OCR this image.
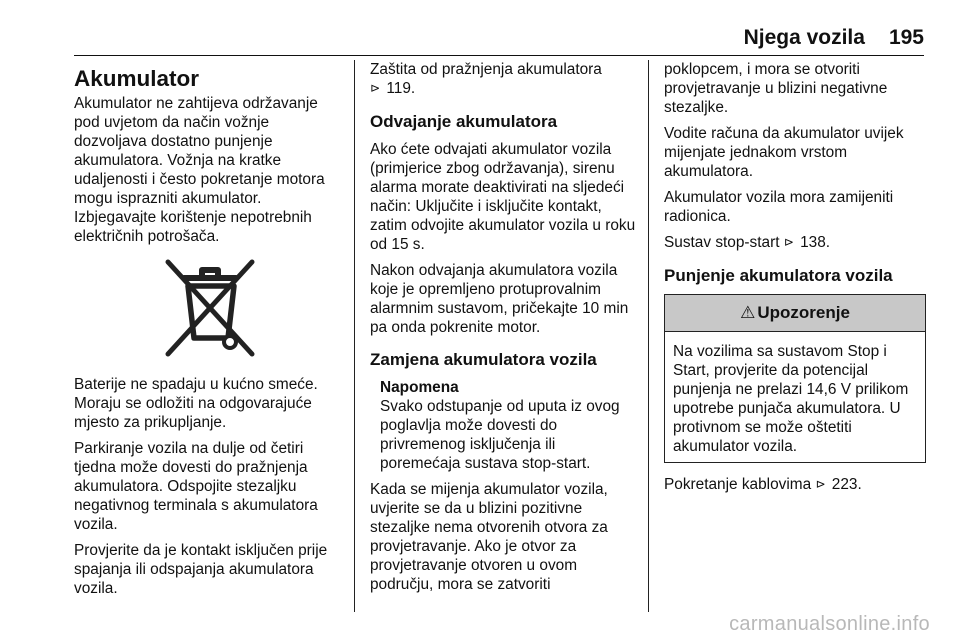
Njega vozila 195
Akumulator

Akumulator ne zahtijeva održavanje pod uvjetom da način vožnje dozvoljava dostatno punjenje akumulatora. Vožnja na kratke udaljenosti i često pokretanje motora mogu isprazniti akumulator.

Izbjegavajte korištenje nepotrebnih električnih potrošača.

Baterije ne spadaju u kućno smeće. Moraju se odložiti na odgovarajuće mjesto za prikupljanje.

Parkiranje vozila na dulje od četiri tjedna može dovesti do pražnjenja akumulatora. Odspojite stezaljku negativnog terminala s akumulatora vozila.

Provjerite da je kontakt isključen prije spajanja ili odspajanja akumulatora vozila.

Zaštita od pražnjenja akumulatora
⊳ 119.

Odvajanje akumulatora

Ako ćete odvajati akumulator vozila (primjerice zbog održavanja), sirenu alarma morate deaktivirati na sljedeći način: Uključite i isključite kontakt, zatim odvojite akumulator vozila u roku od 15 s.

Nakon odvajanja akumulatora vozila koje je opremljeno protuprovalnim alarmnim sustavom, pričekajte 10 min pa onda pokrenite motor.

Zamjena akumulatora vozila
Napomena
Svako odstupanje od uputa iz ovog poglavlja može dovesti do privremenog isključenja ili poremećaja sustava stop-start.

Kada se mijenja akumulator vozila, uvjerite se da u blizini pozitivne stezaljke nema otvorenih otvora za provjetravanje. Ako je otvor za provjetravanje otvoren u ovom području, mora se zatvoriti

poklopcem, i mora se otvoriti provjetravanje u blizini negativne stezaljke.

Vodite računa da akumulator uvijek mijenjate jednakom vrstom akumulatora.

Akumulator vozila mora zamijeniti radionica.

Sustav stop-start ⊳ 138.

Punjenje akumulatora vozila
⚠ Upozorenje

Na vozilima sa sustavom Stop i Start, provjerite da potencijal punjenja ne prelazi 14,6 V prilikom upotrebe punjača akumulatora. U protivnom se može oštetiti akumulator vozila.

Pokretanje kablovima ⊳ 223.

carmanualsonline.info
